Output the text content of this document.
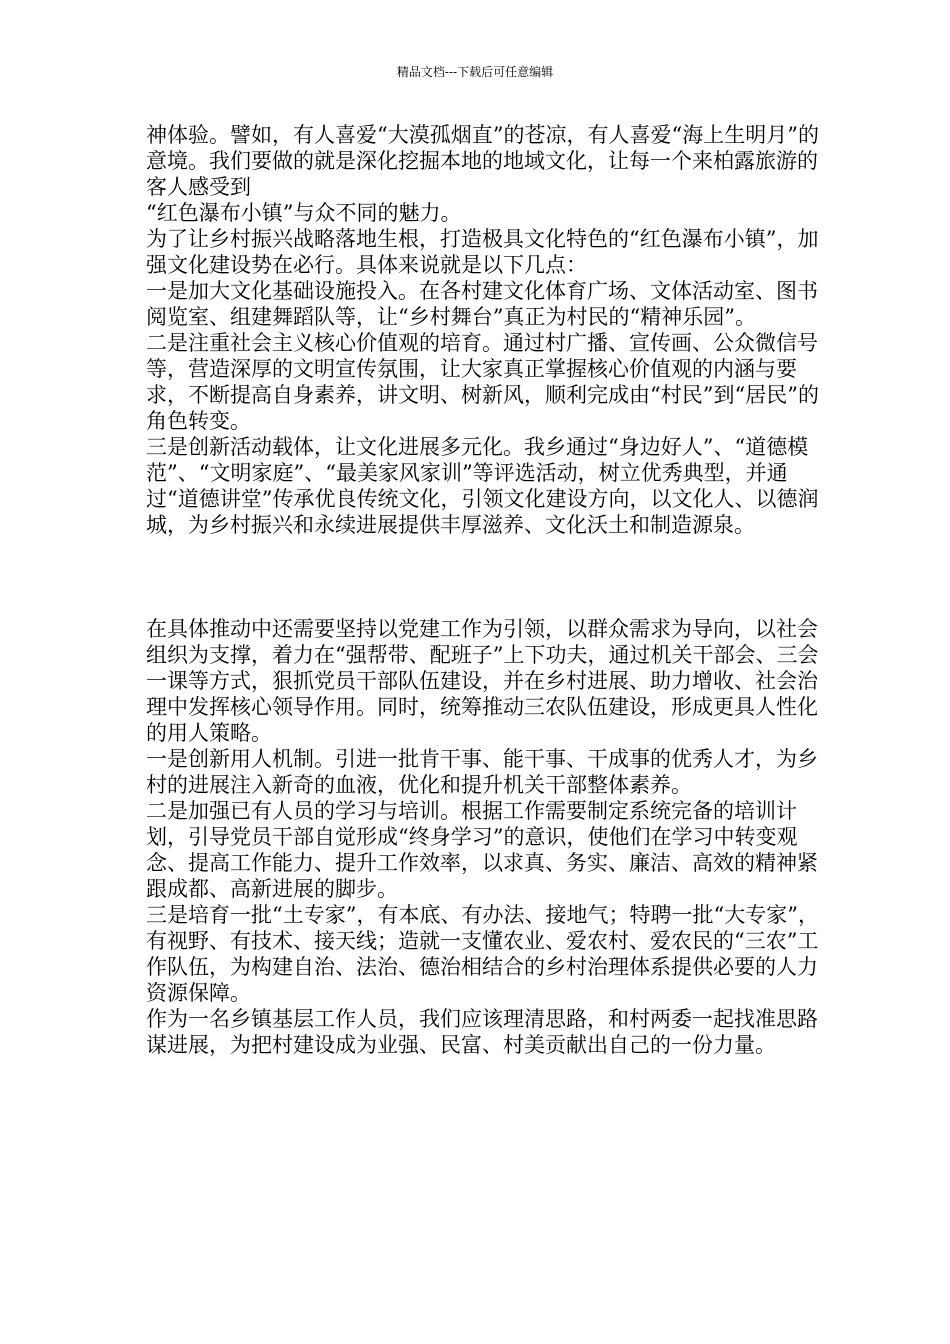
精品文档---下载后可任意编辑

神体验。譬如，有人喜爱“大漠孤烟直”的苍凉，有人喜爱“海上生明月”的意境。我们要做的就是深化挖掘本地的地域文化，让每一个来柏露旅游的客人感受到

“红色瀑布小镇”与众不同的魅力。

为了让乡村振兴战略落地生根，打造极具文化特色的“红色瀑布小镇”，加强文化建设势在必行。具体来说就是以下几点：

一是加大文化基础设施投入。在各村建文化体育广场、文体活动室、图书阅览室、组建舞蹈队等，让“乡村舞台”真正为村民的“精神乐园”。

二是注重社会主义核心价值观的培育。通过村广播、宣传画、公众微信号等，营造深厚的文明宣传氛围，让大家真正掌握核心价值观的内涵与要求，不断提高自身素养，讲文明、树新风，顺利完成由“村民”到“居民”的角色转变。

三是创新活动载体，让文化进展多元化。我乡通过“身边好人”、“道德模范”、“文明家庭”、“最美家风家训”等评选活动，树立优秀典型，并通过“道德讲堂”传承优良传统文化，引领文化建设方向，以文化人、以德润城，为乡村振兴和永续进展提供丰厚滋养、文化沃土和制造源泉。

在具体推动中还需要坚持以党建工作为引领，以群众需求为导向，以社会组织为支撑，着力在“强帮带、配班子”上下功夫，通过机关干部会、三会一课等方式，狠抓党员干部队伍建设，并在乡村进展、助力增收、社会治理中发挥核心领导作用。同时，统筹推动三农队伍建设，形成更具人性化的用人策略。

一是创新用人机制。引进一批肯干事、能干事、干成事的优秀人才，为乡村的进展注入新奇的血液，优化和提升机关干部整体素养。

二是加强已有人员的学习与培训。根据工作需要制定系统完备的培训计划，引导党员干部自觉形成“终身学习”的意识，使他们在学习中转变观念、提高工作能力、提升工作效率，以求真、务实、廉洁、高效的精神紧跟成都、高新进展的脚步。

三是培育一批“土专家”，有本底、有办法、接地气；特聘一批“大专家”，有视野、有技术、接天线；造就一支懂农业、爱农村、爱农民的“三农”工作队伍，为构建自治、法治、德治相结合的乡村治理体系提供必要的人力资源保障。

作为一名乡镇基层工作人员，我们应该理清思路，和村两委一起找准思路谋进展，为把村建设成为业强、民富、村美贡献出自己的一份力量。
